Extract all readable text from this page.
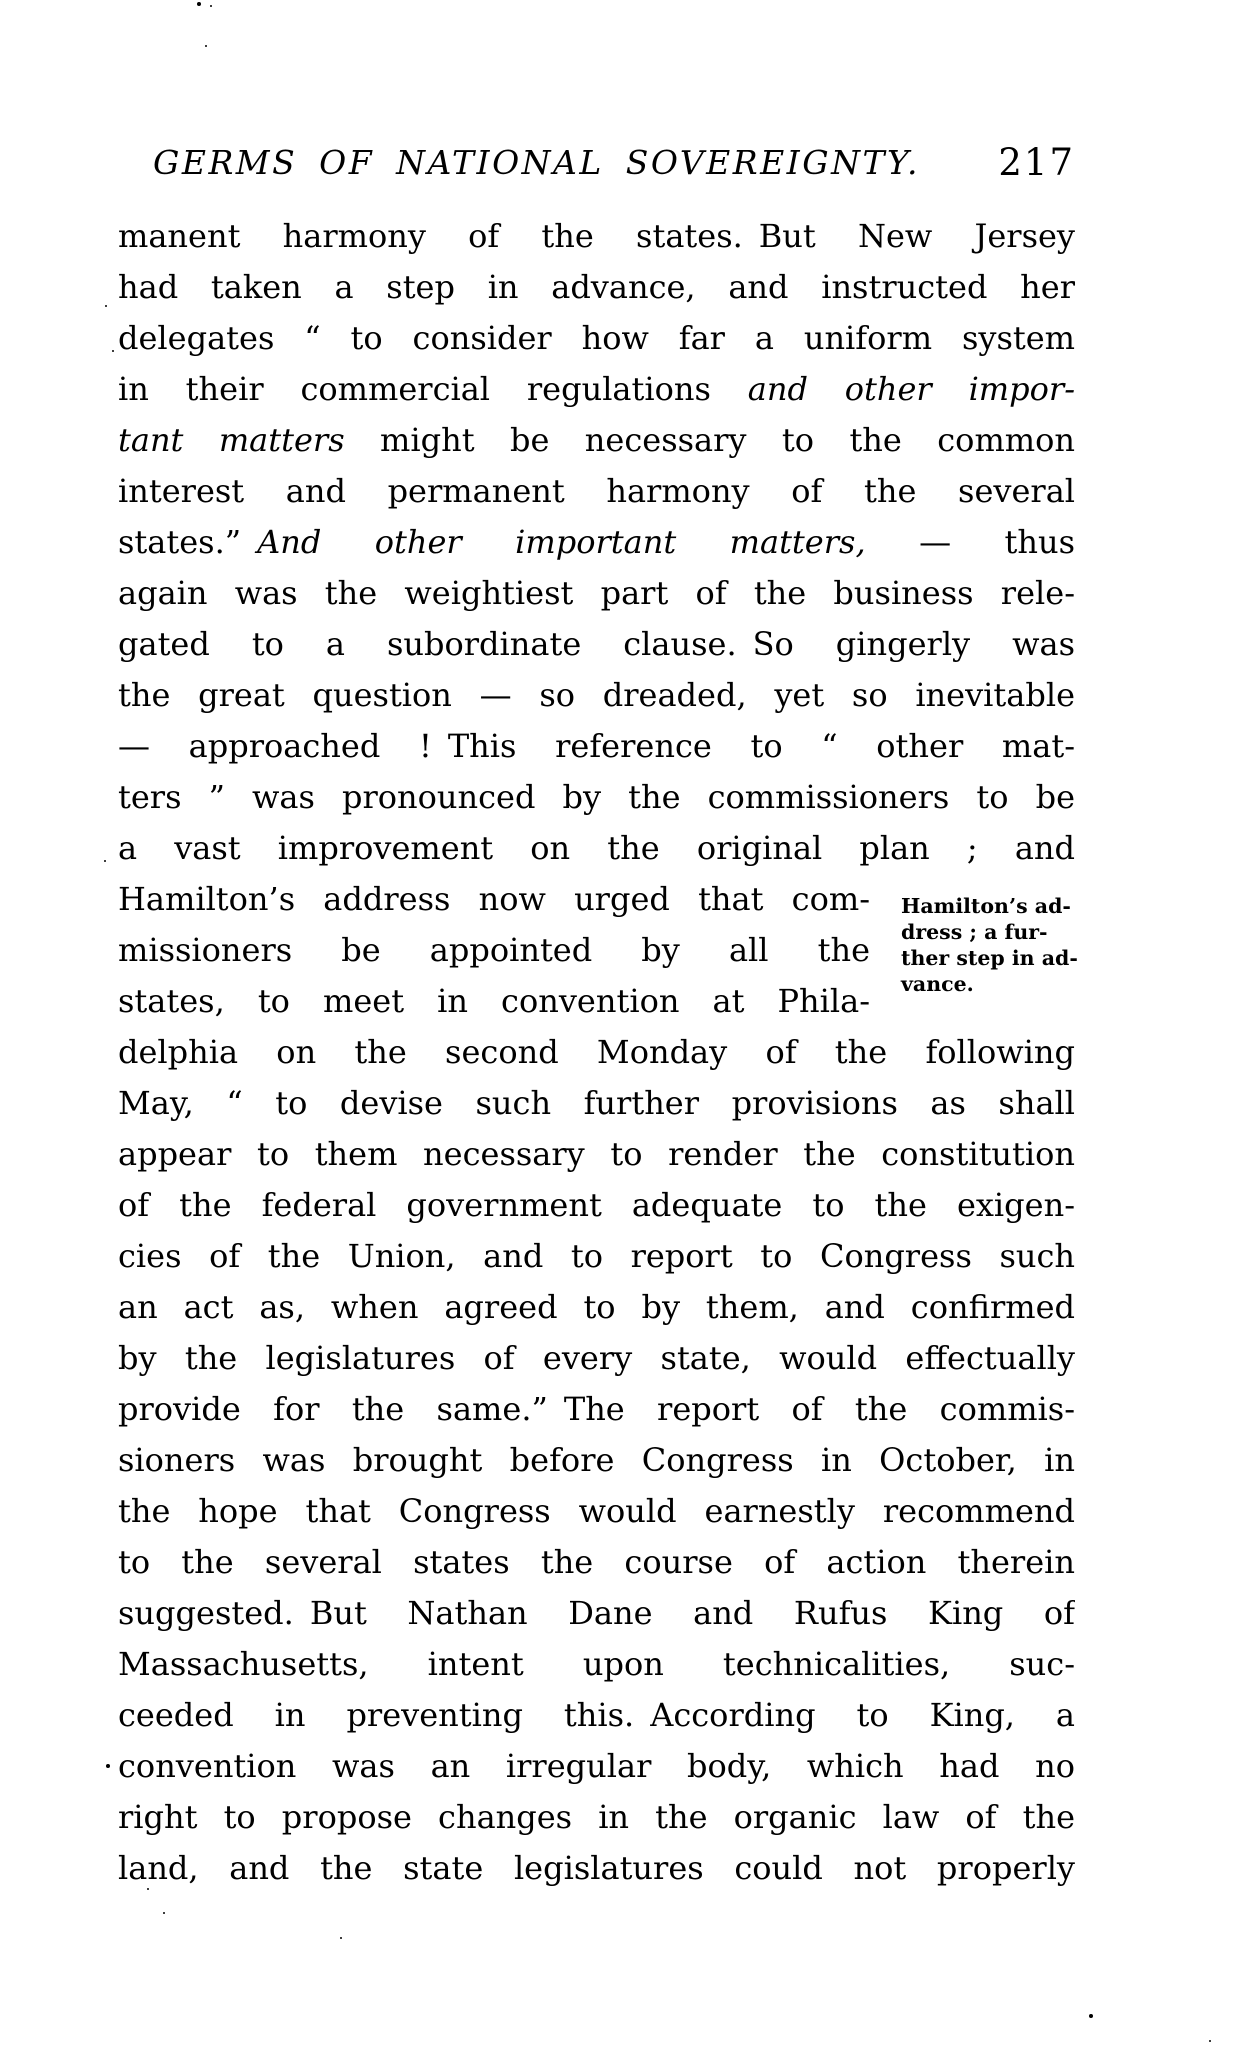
GERMS OF NATIONAL SOVEREIGNTY.	217
manent harmony of the states. But New Jersey
had taken a step in advance, and instructed her
delegates “ to consider how far a uniform system
in their commercial regulations and other impor-
tant matters might be necessary to the common
interest and permanent harmony of the several
states.” And other important matters, — thus
again was the weightiest part of the business rele-
gated to a subordinate clause. So gingerly was
the great question — so dreaded, yet so inevitable
— approached ! This reference to “ other mat-
ters ” was pronounced by the commissioners to be
a vast improvement on the original plan ; and
Hamilton’s address now urged that com-
missioners be appointed by all the
states, to meet in convention at Phila-
delphia on the second Monday of the following
May, “ to devise such further provisions as shall
appear to them necessary to render the constitution
of the federal government adequate to the exigen-
cies of the Union, and to report to Congress such
an act as, when agreed to by them, and confirmed
by the legislatures of every state, would effectually
provide for the same.” The report of the commis-
sioners was brought before Congress in October, in
the hope that Congress would earnestly recommend
to the several states the course of action therein
suggested. But Nathan Dane and Rufus King of
Massachusetts, intent upon technicalities, suc-
ceeded in preventing this. According to King, a
convention was an irregular body, which had no
right to propose changes in the organic law of the
land, and the state legislatures could not properly
Hamilton’s ad-
dress ; a fur-
ther step in ad-
vance.
